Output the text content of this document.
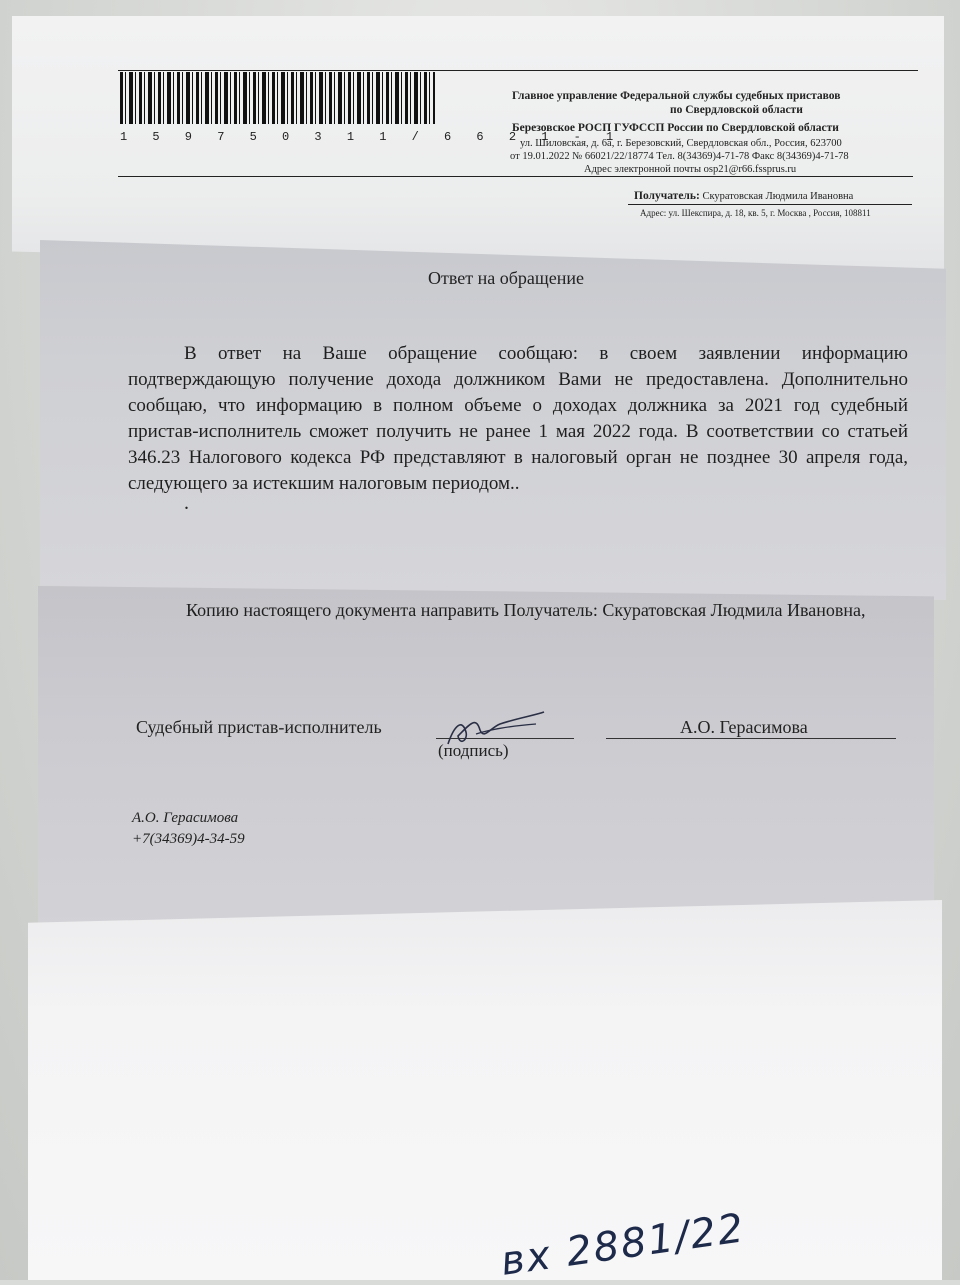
1 5 9 7 5 0 3 1 1 / 6 6 2 1 - 1
Главное управление Федеральной службы судебных приставов
по Свердловской области
Березовское РОСП ГУФССП России по Свердловской области
ул. Шиловская, д. 6а, г. Березовский, Свердловская обл., Россия, 623700
от 19.01.2022 № 66021/22/18774 Тел. 8(34369)4-71-78 Факс 8(34369)4-71-78
Адрес электронной почты osp21@r66.fssprus.ru
Получатель: Скуратовская Людмила Ивановна
Адрес: ул. Шекспира, д. 18, кв. 5, г. Москва , Россия, 108811
Ответ на обращение
В ответ на Ваше обращение сообщаю: в своем заявлении информацию подтверждающую получение дохода должником Вами не предоставлена. Дополнительно сообщаю, что информацию в полном объеме о доходах должника за 2021 год судебный пристав-исполнитель сможет получить не ранее 1 мая 2022 года. В соответствии со статьей 346.23 Налогового кодекса РФ представляют в налоговый орган не позднее 30 апреля года, следующего за истекшим налоговым периодом..
.
Копию настоящего документа направить Получатель: Скуратовская Людмила Ивановна,
Судебный пристав-исполнитель
(подпись)
А.О. Герасимова
А.О. Герасимова
+7(34369)4-34-59
вх 2881/22
